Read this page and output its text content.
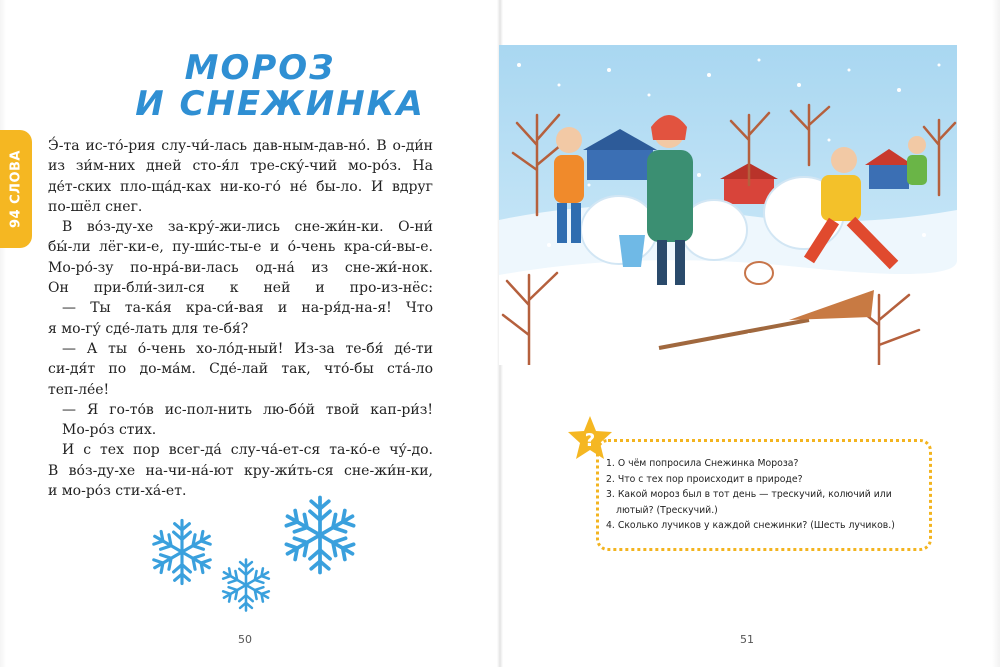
МОРОЗ
И СНЕЖИНКА
94 СЛОВА

Э́-та ис-то́-рия слу-чи́-лась дав-ным-дав-но́. В о-ди́н

из зи́м-них дней сто-я́л тре-ску́-чий мо-ро́з. На

де́т-ских пло-ща́д-ках ни-ко-го́ не́ бы-ло. И вдруг

по-шёл снег.

В во́з-ду-хе за-кру́-жи-лись сне-жи́н-ки. О-ни́

бы́-ли лёг-ки-е, пу-ши́с-ты-е и о́-чень кра-си́-вы-е.

Мо-ро́-зу по-нра́-ви-лась од-на́ из сне-жи́-нок.

Он при-бли́-зил-ся к ней и про-из-нёс:

— Ты та-ка́я кра-си́-вая и на-ря́д-на-я! Что

я мо-гу́ сде́-лать для те-бя́?

— А ты о́-чень хо-ло́д-ный! Из-за те-бя́ де́-ти

си-дя́т по до-ма́м. Сде́-лай так, что́-бы ста́-ло

теп-ле́е!

— Я го-то́в ис-пол-нить лю-бо́й твой кап-ри́з!

Мо-ро́з стих.

И с тех пор всег-да́ слу-ча́-ет-ся та-ко́-е чу́-до.

В во́з-ду-хе на-чи-на́-ют кру-жи́ть-ся сне-жи́н-ки,

и мо-ро́з сти-ха́-ет.

50
?
1. О чём попросила Снежинка Мороза?
2. Что с тех пор происходит в природе?
3. Какой мороз был в тот день — трескучий, колючий или
лютый? (Трескучий.)
4. Сколько лучиков у каждой снежинки? (Шесть лучиков.)
51
